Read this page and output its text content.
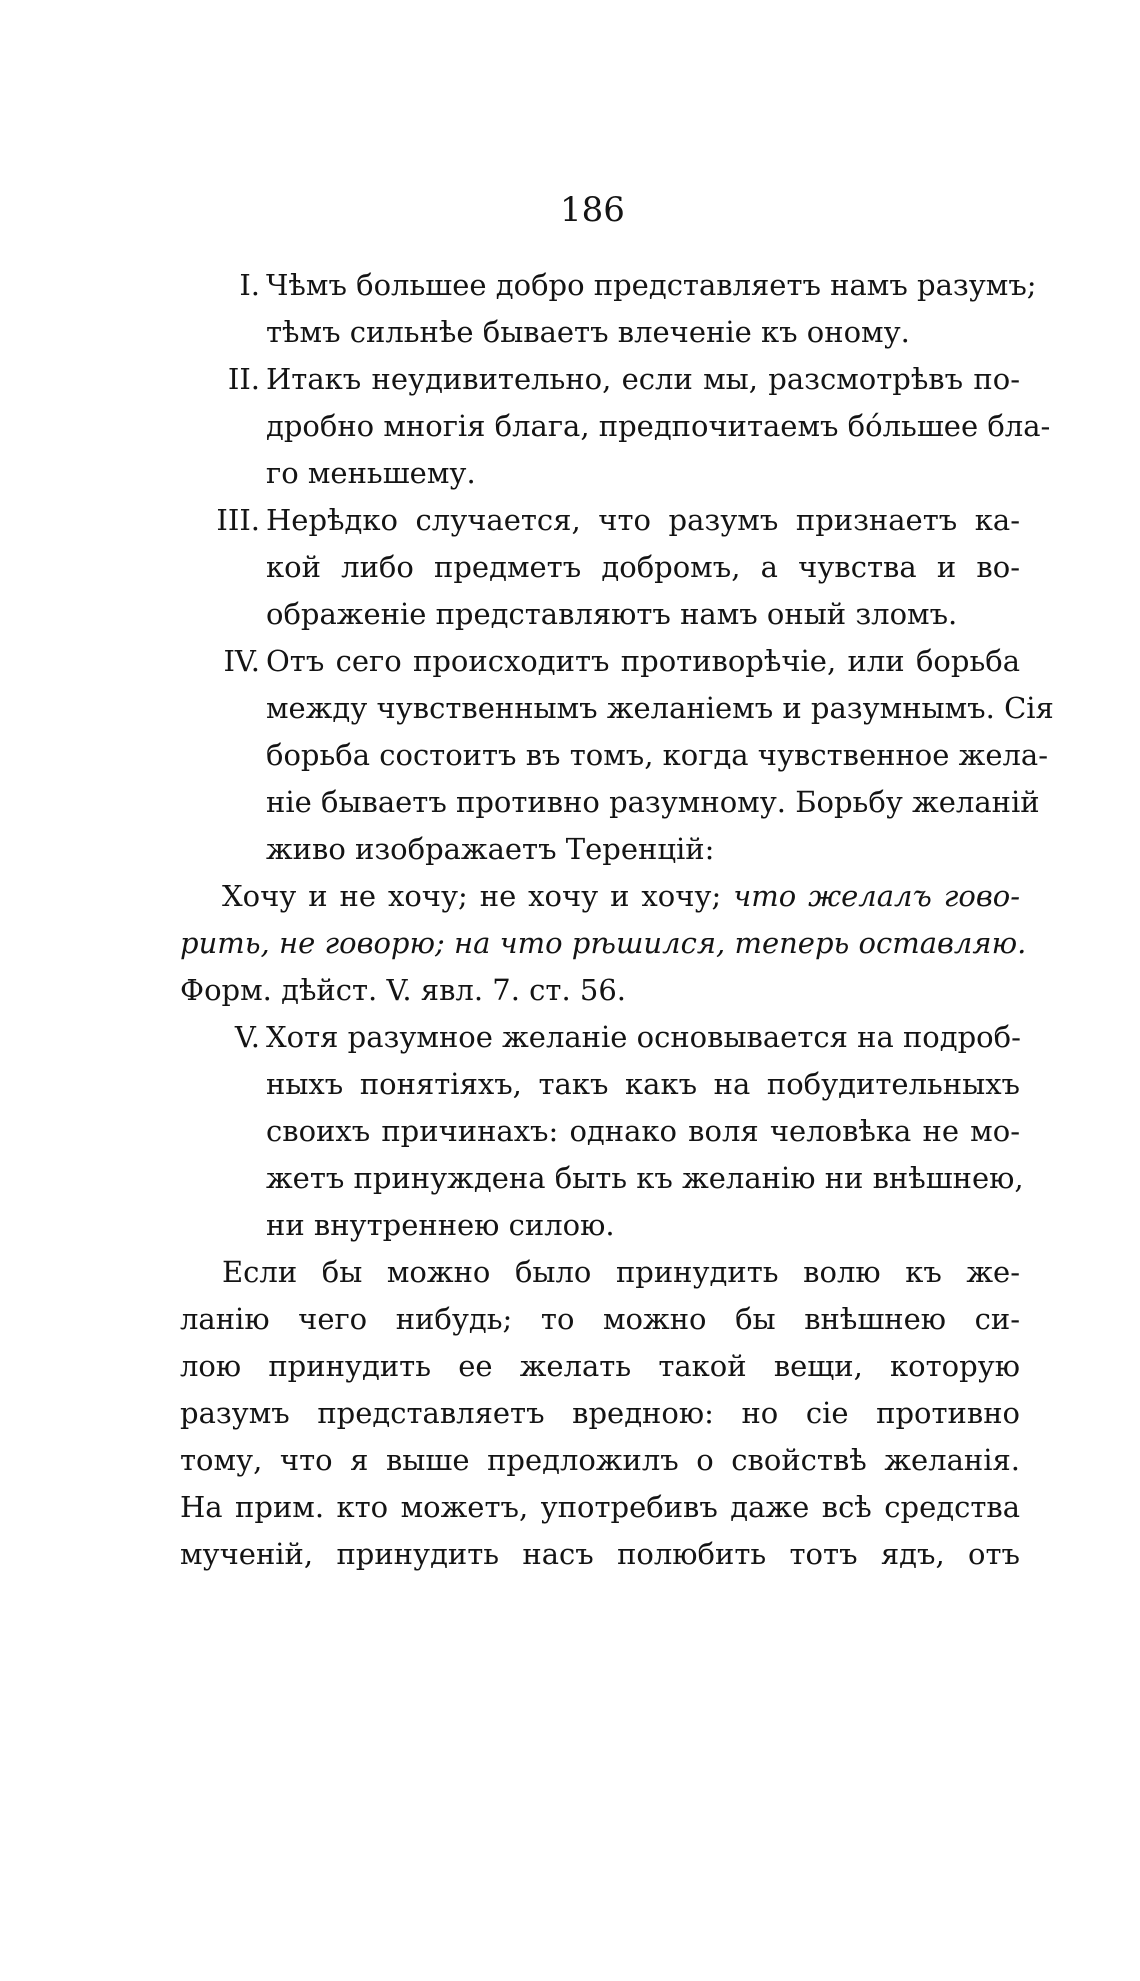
186
I. Чѣмъ большее добро представляетъ намъ разумъ;
тѣмъ сильнѣе бываетъ влеченіе къ оному.
II. Итакъ неудивительно, если мы, разсмотрѣвъ по-
дробно многія блага, предпочитаемъ бóльшее бла-
го меньшему.
III. Нерѣдко случается, что разумъ признаетъ ка-
кой либо предметъ добромъ, а чувства и во-
ображеніе представляютъ намъ оный зломъ.
IV. Отъ сего происходитъ противорѣчіе, или борьба
между чувственнымъ желаніемъ и разумнымъ. Сія
борьба состоитъ въ томъ, когда чувственное жела-
ніе бываетъ противно разумному. Борьбу желаній
живо изображаетъ Теренцій:
Хочу и не хочу; не хочу и хочу; что желалъ гово-
рить, не говорю; на что рѣшился, теперь оставляю.
Форм. дѣйст. V. явл. 7. ст. 56.
V. Хотя разумное желаніе основывается на подроб-
ныхъ понятіяхъ, такъ какъ на побудительныхъ
своихъ причинахъ: однако воля человѣка не мо-
жетъ принуждена быть къ желанію ни внѣшнею,
ни внутреннею силою.
Если бы можно было принудить волю къ же-
ланію чего нибудь; то можно бы внѣшнею си-
лою принудить ее желать такой вещи, которую
разумъ представляетъ вредною: но сіе противно
тому, что я выше предложилъ о свойствѣ желанія.
На прим. кто можетъ, употребивъ даже всѣ средства
мученій, принудить насъ полюбить тотъ ядъ, отъ
